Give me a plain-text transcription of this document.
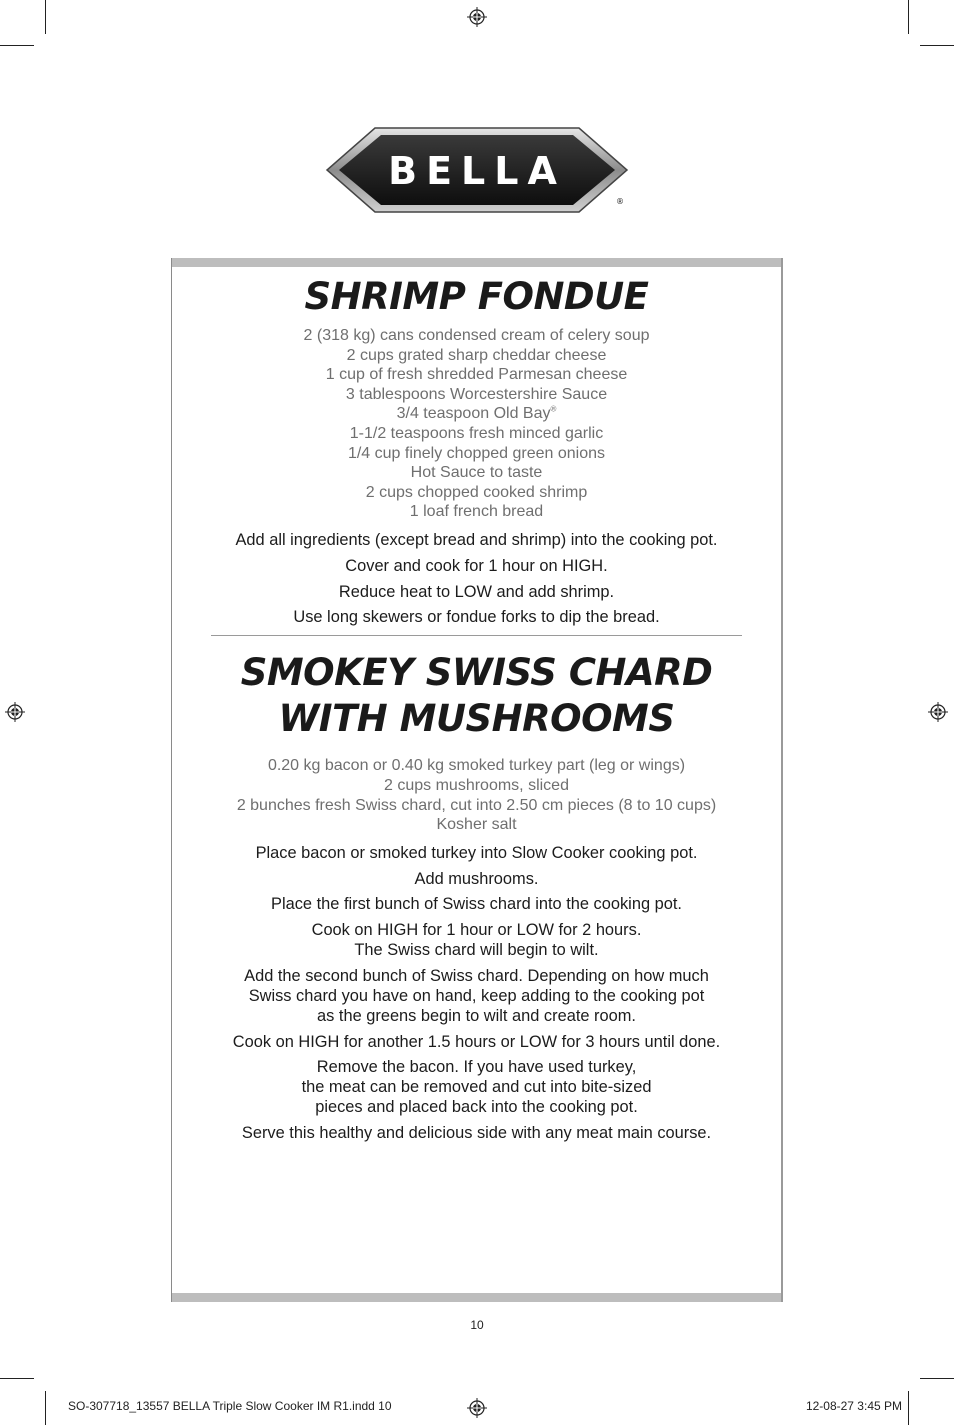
BELLA
®
SHRIMP FONDUE
2 (318 kg) cans condensed cream of celery soup
2 cups grated sharp cheddar cheese
1 cup of fresh shredded Parmesan cheese
3 tablespoons Worcestershire Sauce
3/4 teaspoon Old Bay®
1-1/2 teaspoons fresh minced garlic
1/4 cup finely chopped green onions
Hot Sauce to taste
2 cups chopped cooked shrimp
1 loaf french bread
Add all ingredients (except bread and shrimp) into the cooking pot.
Cover and cook for 1 hour on HIGH.
Reduce heat to LOW and add shrimp.
Use long skewers or fondue forks to dip the bread.
SMOKEY SWISS CHARD
WITH MUSHROOMS
0.20 kg bacon or 0.40 kg smoked turkey part (leg or wings)
2 cups mushrooms, sliced
2 bunches fresh Swiss chard, cut into 2.50 cm pieces (8 to 10 cups)
Kosher salt
Place bacon or smoked turkey into Slow Cooker cooking pot.
Add mushrooms.
Place the first bunch of Swiss chard into the cooking pot.
Cook on HIGH for 1 hour or LOW for 2 hours.
The Swiss chard will begin to wilt.
Add the second bunch of Swiss chard. Depending on how much
Swiss chard you have on hand, keep adding to the cooking pot
as the greens begin to wilt and create room.
Cook on HIGH for another 1.5 hours or LOW for 3 hours until done.
Remove the bacon. If you have used turkey,
the meat can be removed and cut into bite-sized
pieces and placed back into the cooking pot.
Serve this healthy and delicious side with any meat main course.
10
SO-307718_13557 BELLA Triple Slow Cooker IM R1.indd 10	12-08-27 3:45 PM
